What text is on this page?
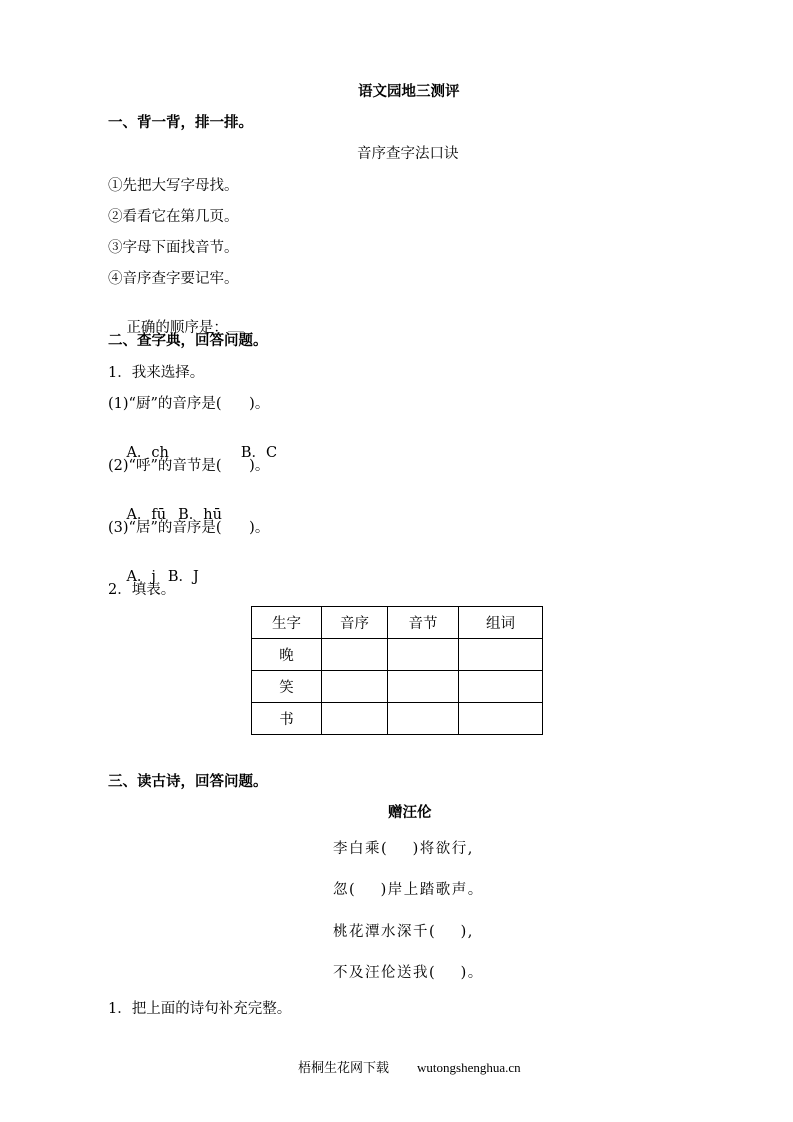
语文园地三测评
一、背一背，排一排。
音序查字法口诀
①先把大写字母找。
②看看它在第几页。
③字母下面找音节。
④音序查字要记牢。

正确的顺序是：

二、查字典，回答问题。
1．我来选择。
(1)“厨”的音序是(      )。

A．ch	B．C

(2)“呼”的音节是(      )。

A．fū B．hū

(3)“居”的音序是(      )。

A．j B．J

2．填表。
生字	音序	音节	组词
晚			
笑			
书			
三、读古诗，回答问题。
赠汪伦
李白乘(    )将欲行,
忽(    )岸上踏歌声。
桃花潭水深千(    ),
不及汪伦送我(    )。
1．把上面的诗句补充完整。

梧桐生花网下载 wutongshenghua.cn
